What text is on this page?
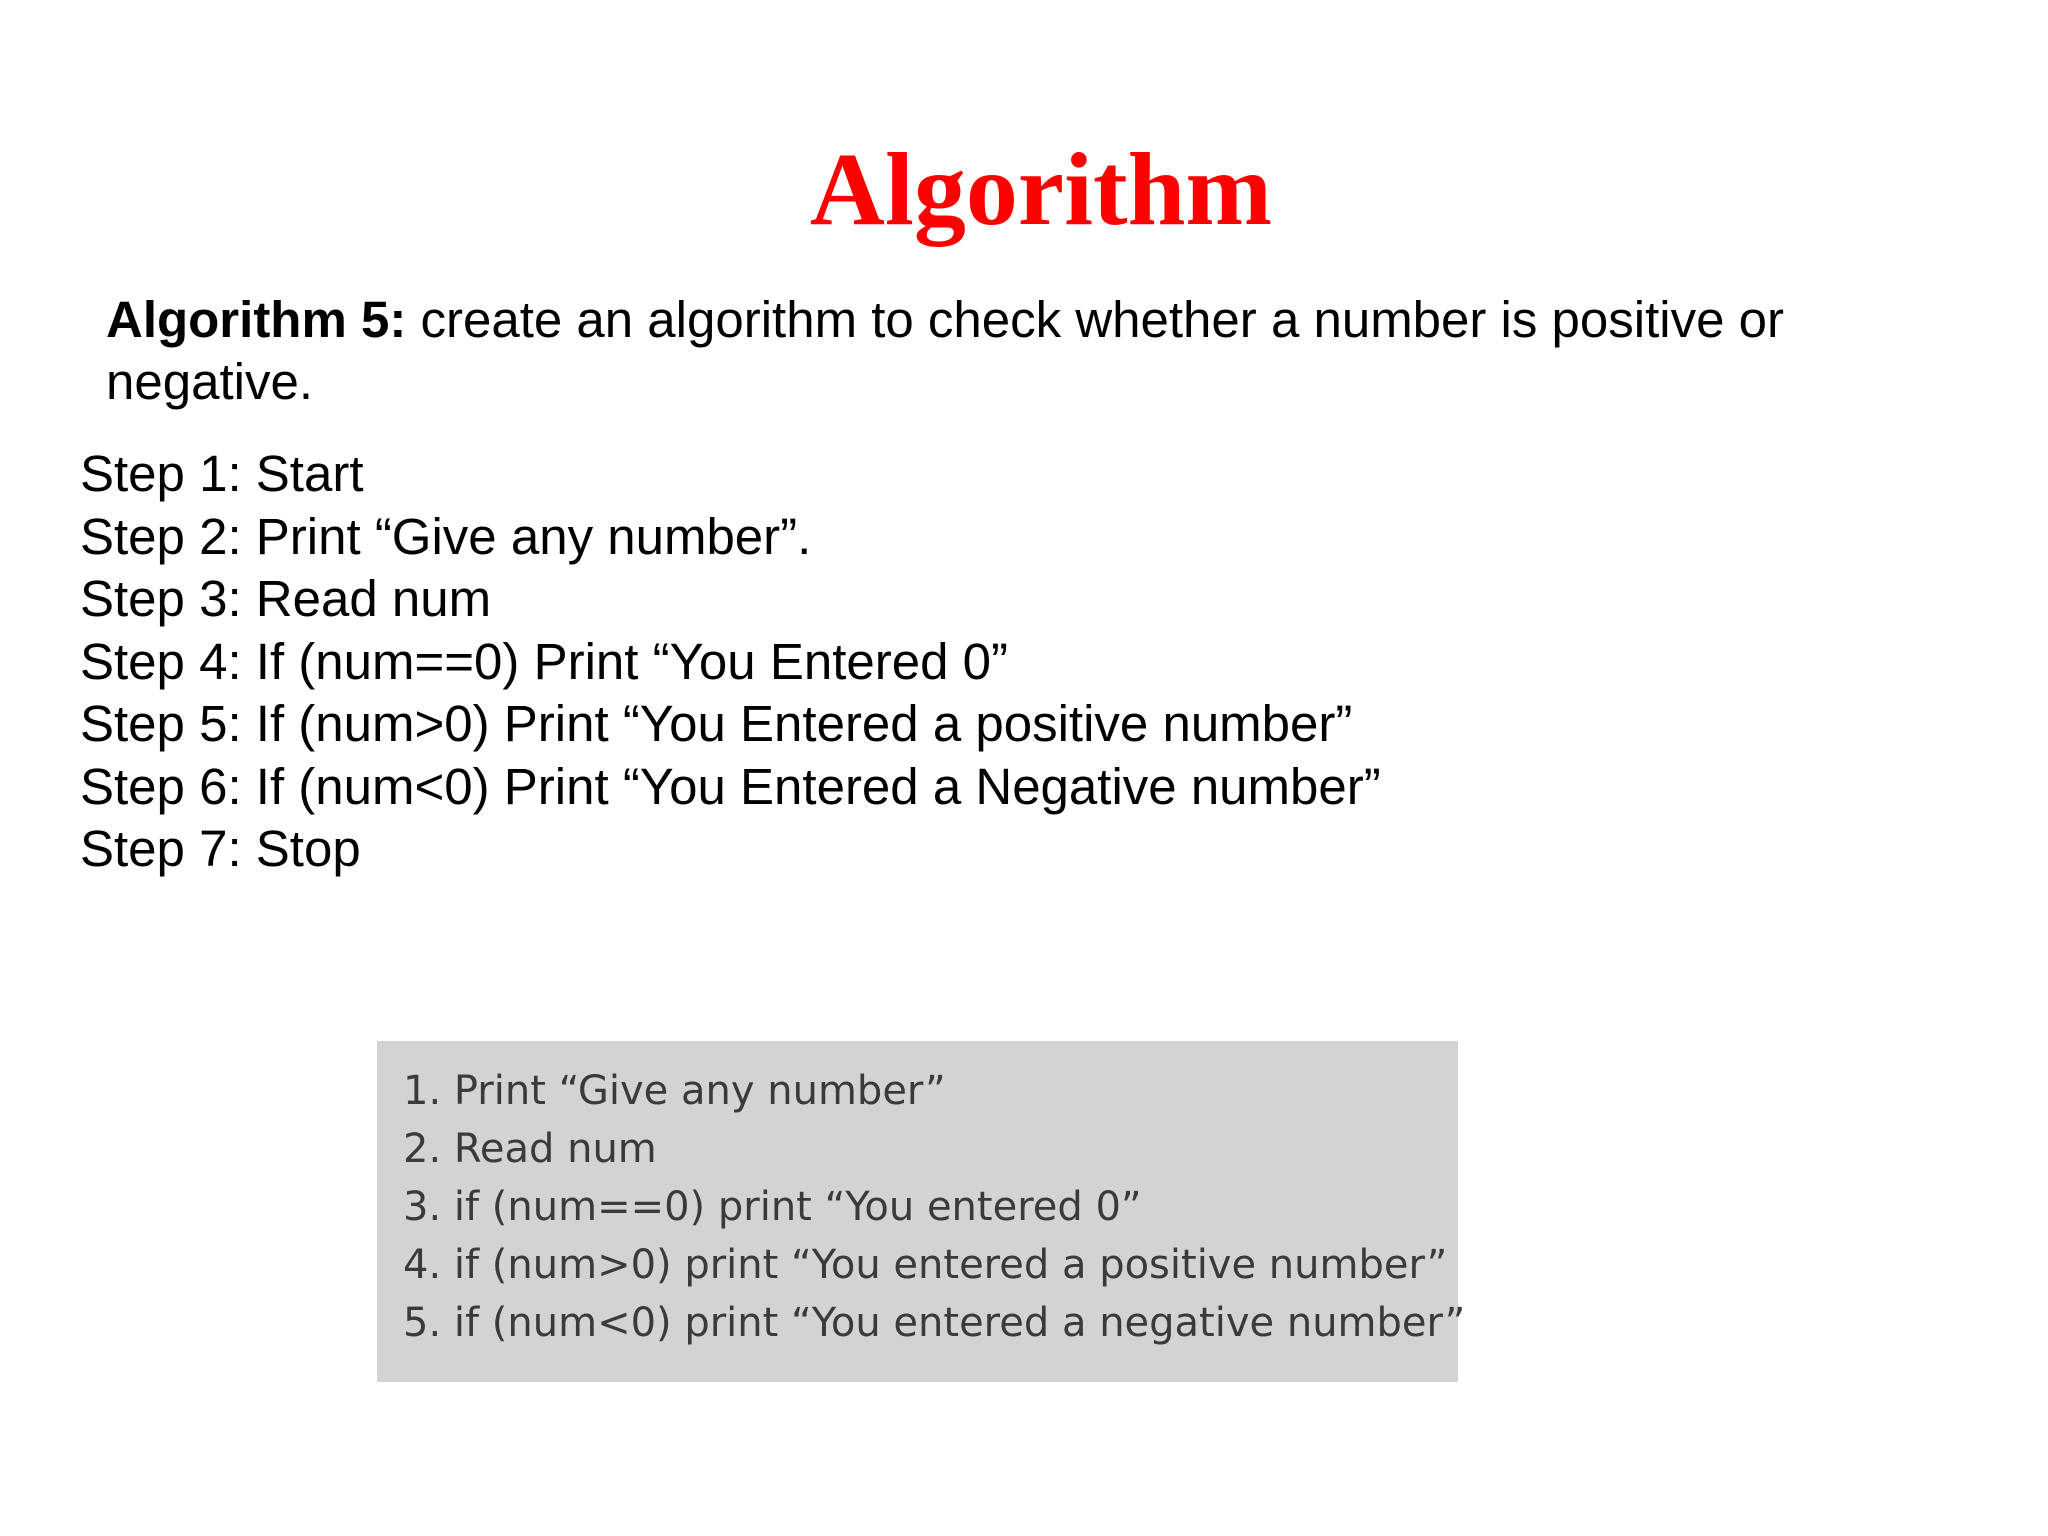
Algorithm

Algorithm 5: create an algorithm to check whether a number is positive or negative.

Step 1: Start
Step 2: Print “Give any number”.
Step 3: Read num
Step 4: If (num==0) Print “You Entered 0”
Step 5: If (num>0) Print “You Entered a positive number”
Step 6: If (num<0) Print “You Entered a Negative number”
Step 7: Stop
1. Print “Give any number”
2. Read num
3. if (num==0) print “You entered 0”
4. if (num>0) print “You entered a positive number”
5. if (num<0) print “You entered a negative number”
